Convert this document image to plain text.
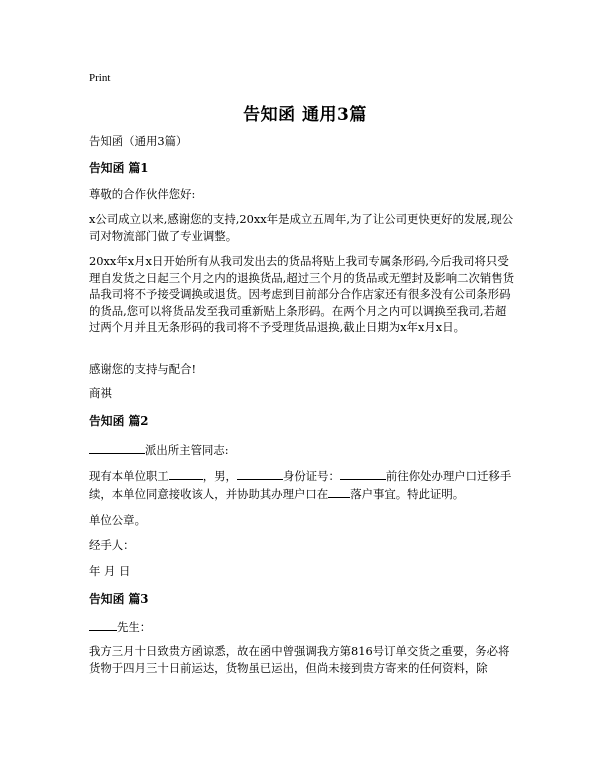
Print
告知函 通用3篇

告知函（通用3篇）

告知函 篇1

尊敬的合作伙伴您好:

x公司成立以来,感谢您的支持,20xx年是成立五周年,为了让公司更快更好的发展,现公司对物流部门做了专业调整。

20xx年x月x日开始所有从我司发出去的货品将贴上我司专属条形码,今后我司将只受理自发货之日起三个月之内的退换货品,超过三个月的货品或无塑封及影响二次销售货品我司将不予接受调换或退货。因考虑到目前部分合作店家还有很多没有公司条形码的货品,您可以将货品发至我司重新贴上条形码。在两个月之内可以调换至我司,若超过两个月并且无条形码的我司将不予受理货品退换,截止日期为x年x月x日。

感谢您的支持与配合!

商祺

告知函 篇2

派出所主管同志:

现有本单位职工	，男，	身份证号：	前往你处办理户口迁移手续，本单位同意接收该人，并协助其办理户口在 落户事宜。特此证明。

单位公章。

经手人：

年 月 日

告知函 篇3

先生：

我方三月十日致贵方函谅悉，故在函中曾强调我方第816号订单交货之重要，务必将货物于四月三十日前运达，货物虽已运出，但尚未接到贵方寄来的任何资料，除
